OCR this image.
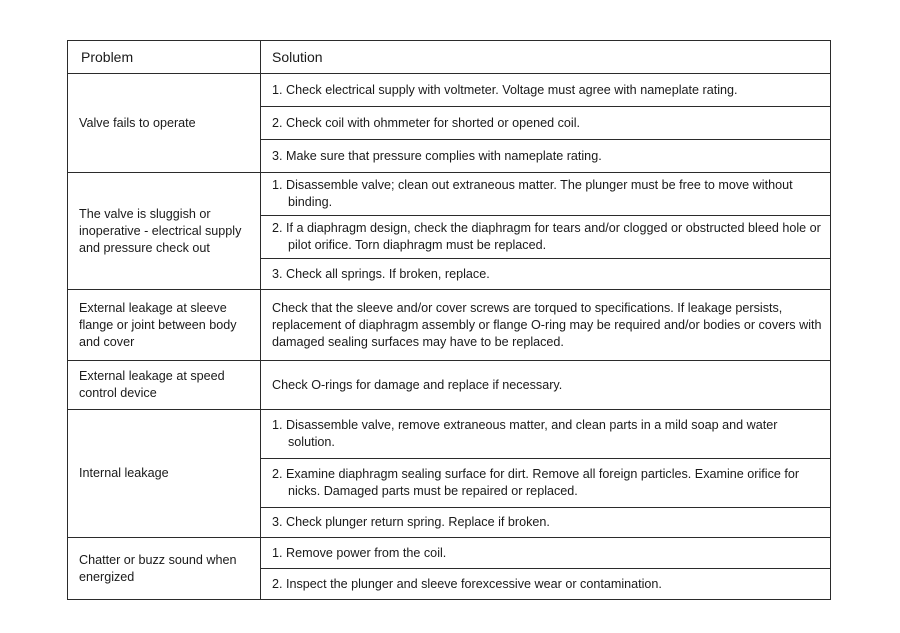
Problem	Solution
Valve fails to operate	1. Check electrical supply with voltmeter. Voltage must agree with nameplate rating.

	2. Check coil with ohmmeter for shorted or opened coil.

	3. Make sure that pressure complies with nameplate rating.

The valve is sluggish or inoperative - electrical supply and pressure check out	1. Disassemble valve; clean out extraneous matter. The plunger must be free to move without binding.

	2. If a diaphragm design, check the diaphragm for tears and/or clogged or obstructed bleed hole or pilot orifice. Torn diaphragm must be replaced.

	3. Check all springs. If broken, replace.

External leakage at sleeve flange or joint between body and cover	Check that the sleeve and/or cover screws are torqued to specifications. If leakage persists, replacement of diaphragm assembly or flange O-ring may be required and/or bodies or covers with damaged sealing surfaces may have to be replaced.

External leakage at speed control device	Check O-rings for damage and replace if necessary.

Internal leakage	1. Disassemble valve, remove extraneous matter, and clean parts in a mild soap and water solution.

	2. Examine diaphragm sealing surface for dirt. Remove all foreign particles. Examine orifice for nicks. Damaged parts must be repaired or replaced.

	3. Check plunger return spring. Replace if broken.

Chatter or buzz sound when energized	1. Remove power from the coil.

	2. Inspect the plunger and sleeve forexcessive wear or contamination.
